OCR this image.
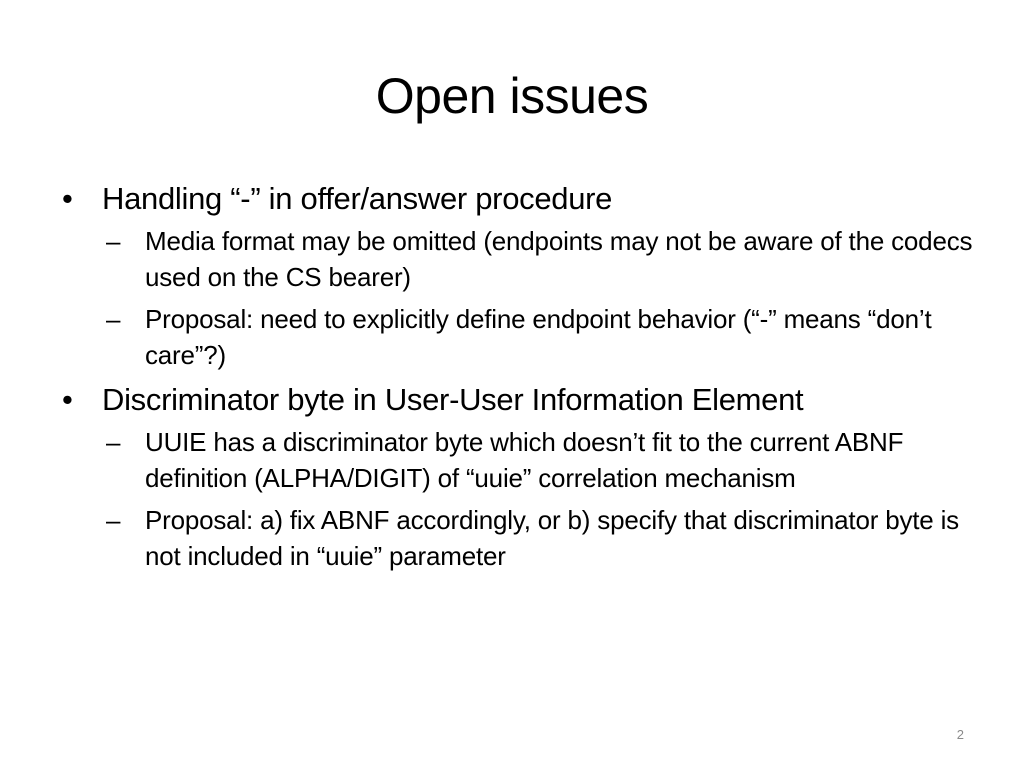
Open issues
• Handling “-” in offer/answer procedure
– Media format may be omitted (endpoints may not be aware of the codecs used on the CS bearer)
– Proposal: need to explicitly define endpoint behavior (“-” means “don’t care”?)
• Discriminator byte in User-User Information Element
– UUIE has a discriminator byte which doesn’t fit to the current ABNF definition (ALPHA/DIGIT) of “uuie” correlation mechanism
– Proposal: a) fix ABNF accordingly, or b) specify that discriminator byte is not included in “uuie” parameter
2
